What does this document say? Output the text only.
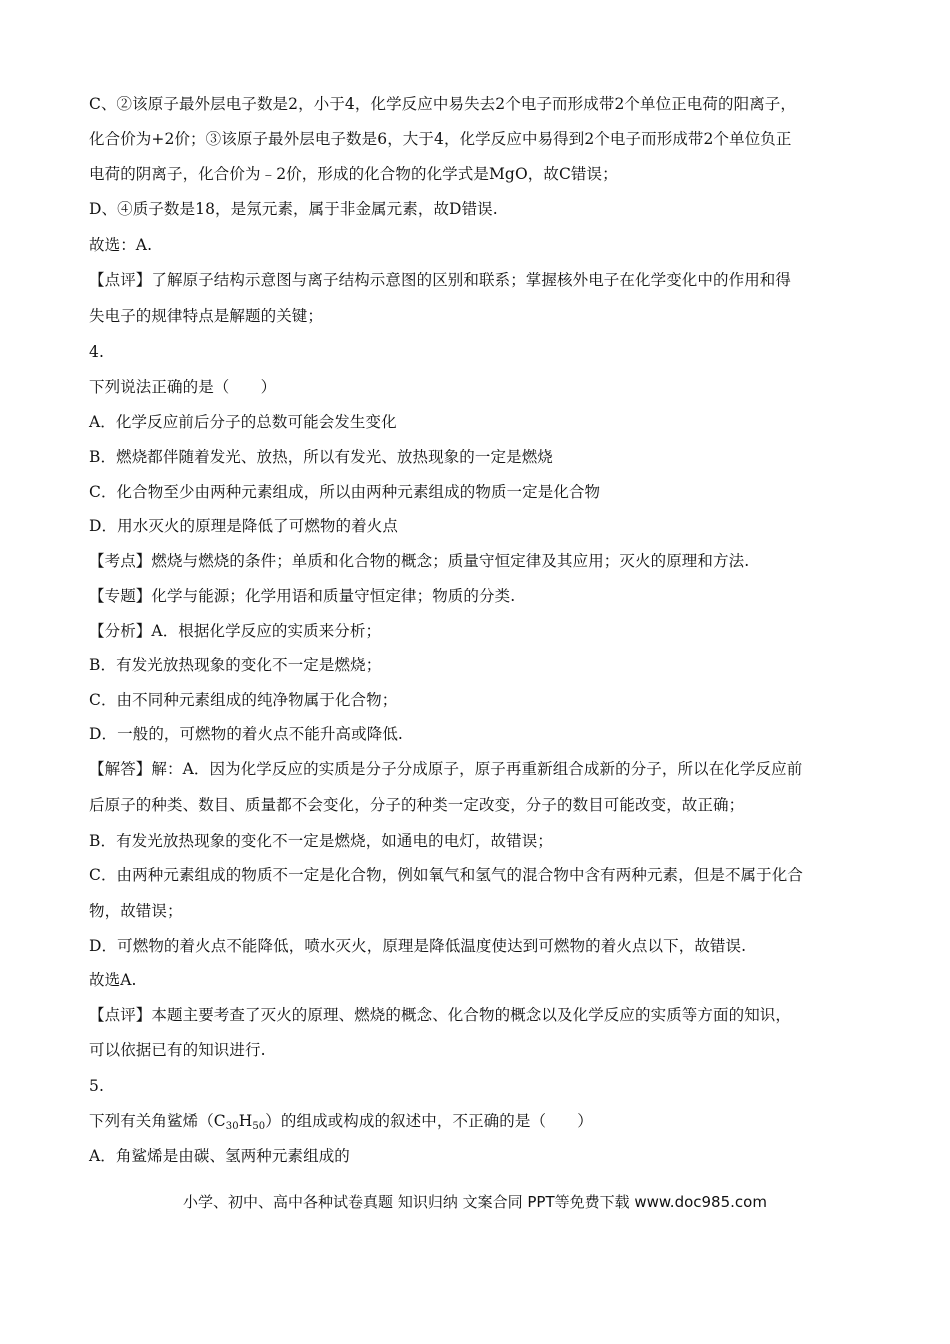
C、②该原子最外层电子数是2，小于4，化学反应中易失去2个电子而形成带2个单位正电荷的阳离子，
化合价为+2价；③该原子最外层电子数是6，大于4，化学反应中易得到2个电子而形成带2个单位负正
电荷的阴离子，化合价为﹣2价，形成的化合物的化学式是MgO，故C错误；
D、④质子数是18，是氖元素，属于非金属元素，故D错误.
故选：A.
【点评】了解原子结构示意图与离子结构示意图的区别和联系；掌握核外电子在化学变化中的作用和得
失电子的规律特点是解题的关键；
4.
下列说法正确的是（　　）
A．化学反应前后分子的总数可能会发生变化
B．燃烧都伴随着发光、放热，所以有发光、放热现象的一定是燃烧
C．化合物至少由两种元素组成，所以由两种元素组成的物质一定是化合物
D．用水灭火的原理是降低了可燃物的着火点
【考点】燃烧与燃烧的条件；单质和化合物的概念；质量守恒定律及其应用；灭火的原理和方法.
【专题】化学与能源；化学用语和质量守恒定律；物质的分类.
【分析】A．根据化学反应的实质来分析；
B．有发光放热现象的变化不一定是燃烧；
C．由不同种元素组成的纯净物属于化合物；
D．一般的，可燃物的着火点不能升高或降低.
【解答】解：A．因为化学反应的实质是分子分成原子，原子再重新组合成新的分子，所以在化学反应前
后原子的种类、数目、质量都不会变化，分子的种类一定改变，分子的数目可能改变，故正确；
B．有发光放热现象的变化不一定是燃烧，如通电的电灯，故错误；
C．由两种元素组成的物质不一定是化合物，例如氧气和氢气的混合物中含有两种元素，但是不属于化合
物，故错误；
D．可燃物的着火点不能降低，喷水灭火，原理是降低温度使达到可燃物的着火点以下，故错误.
故选A.
【点评】本题主要考查了灭火的原理、燃烧的概念、化合物的概念以及化学反应的实质等方面的知识，
可以依据已有的知识进行.
5.
下列有关角鲨烯$(C_{30}H_{50})$的组成或构成的叙述中，不正确的是（　　）
A．角鲨烯是由碳、氢两种元素组成的
小学、初中、高中各种试卷真题 知识归纳 文案合同 PPT等免费下载 www.doc985.com
